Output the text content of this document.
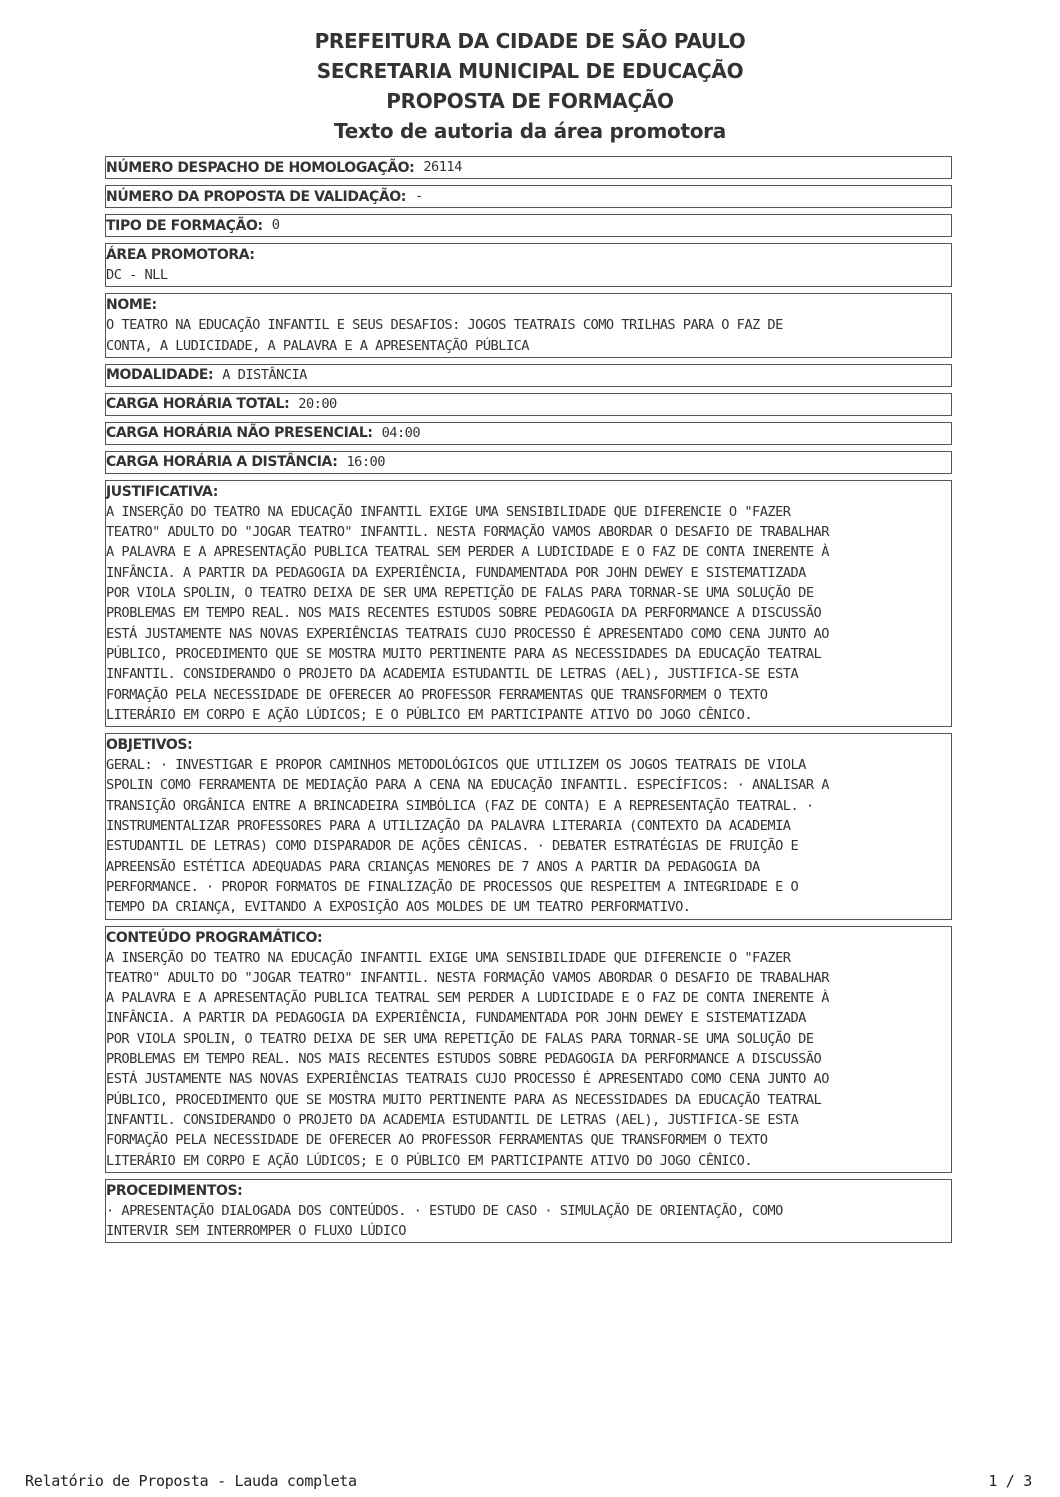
PREFEITURA DA CIDADE DE SÃO PAULO
SECRETARIA MUNICIPAL DE EDUCAÇÃO
PROPOSTA DE FORMAÇÃO
Texto de autoria da área promotora
NÚMERO DESPACHO DE HOMOLOGAÇÃO: 26114
NÚMERO DA PROPOSTA DE VALIDAÇÃO: -
TIPO DE FORMAÇÃO: 0
ÁREA PROMOTORA:
DC - NLL
NOME:
O TEATRO NA EDUCAÇÃO INFANTIL E SEUS DESAFIOS: JOGOS TEATRAIS COMO TRILHAS PARA O FAZ DE
CONTA, A LUDICIDADE, A PALAVRA E A APRESENTAÇÃO PÚBLICA
MODALIDADE: A DISTÂNCIA
CARGA HORÁRIA TOTAL: 20:00
CARGA HORÁRIA NÃO PRESENCIAL: 04:00
CARGA HORÁRIA A DISTÂNCIA: 16:00
JUSTIFICATIVA:
A INSERÇÃO DO TEATRO NA EDUCAÇÃO INFANTIL EXIGE UMA SENSIBILIDADE QUE DIFERENCIE O "FAZER
TEATRO" ADULTO DO "JOGAR TEATRO" INFANTIL. NESTA FORMAÇÃO VAMOS ABORDAR O DESAFIO DE TRABALHAR
A PALAVRA E A APRESENTAÇÃO PUBLICA TEATRAL SEM PERDER A LUDICIDADE E O FAZ DE CONTA INERENTE À
INFÂNCIA. A PARTIR DA PEDAGOGIA DA EXPERIÊNCIA, FUNDAMENTADA POR JOHN DEWEY E SISTEMATIZADA
POR VIOLA SPOLIN, O TEATRO DEIXA DE SER UMA REPETIÇÃO DE FALAS PARA TORNAR-SE UMA SOLUÇÃO DE
PROBLEMAS EM TEMPO REAL. NOS MAIS RECENTES ESTUDOS SOBRE PEDAGOGIA DA PERFORMANCE A DISCUSSÃO
ESTÁ JUSTAMENTE NAS NOVAS EXPERIÊNCIAS TEATRAIS CUJO PROCESSO É APRESENTADO COMO CENA JUNTO AO
PÚBLICO, PROCEDIMENTO QUE SE MOSTRA MUITO PERTINENTE PARA AS NECESSIDADES DA EDUCAÇÃO TEATRAL
INFANTIL. CONSIDERANDO O PROJETO DA ACADEMIA ESTUDANTIL DE LETRAS (AEL), JUSTIFICA-SE ESTA
FORMAÇÃO PELA NECESSIDADE DE OFERECER AO PROFESSOR FERRAMENTAS QUE TRANSFORMEM O TEXTO
LITERÁRIO EM CORPO E AÇÃO LÚDICOS; E O PÚBLICO EM PARTICIPANTE ATIVO DO JOGO CÊNICO.
OBJETIVOS:
GERAL: · INVESTIGAR E PROPOR CAMINHOS METODOLÓGICOS QUE UTILIZEM OS JOGOS TEATRAIS DE VIOLA
SPOLIN COMO FERRAMENTA DE MEDIAÇÃO PARA A CENA NA EDUCAÇÃO INFANTIL. ESPECÍFICOS: · ANALISAR A
TRANSIÇÃO ORGÂNICA ENTRE A BRINCADEIRA SIMBÓLICA (FAZ DE CONTA) E A REPRESENTAÇÃO TEATRAL. ·
INSTRUMENTALIZAR PROFESSORES PARA A UTILIZAÇÃO DA PALAVRA LITERARIA (CONTEXTO DA ACADEMIA
ESTUDANTIL DE LETRAS) COMO DISPARADOR DE AÇÕES CÊNICAS. · DEBATER ESTRATÉGIAS DE FRUIÇÃO E
APREENSÃO ESTÉTICA ADEQUADAS PARA CRIANÇAS MENORES DE 7 ANOS A PARTIR DA PEDAGOGIA DA
PERFORMANCE. · PROPOR FORMATOS DE FINALIZAÇÃO DE PROCESSOS QUE RESPEITEM A INTEGRIDADE E O
TEMPO DA CRIANÇA, EVITANDO A EXPOSIÇÃO AOS MOLDES DE UM TEATRO PERFORMATIVO.
CONTEÚDO PROGRAMÁTICO:
A INSERÇÃO DO TEATRO NA EDUCAÇÃO INFANTIL EXIGE UMA SENSIBILIDADE QUE DIFERENCIE O "FAZER
TEATRO" ADULTO DO "JOGAR TEATRO" INFANTIL. NESTA FORMAÇÃO VAMOS ABORDAR O DESAFIO DE TRABALHAR
A PALAVRA E A APRESENTAÇÃO PUBLICA TEATRAL SEM PERDER A LUDICIDADE E O FAZ DE CONTA INERENTE À
INFÂNCIA. A PARTIR DA PEDAGOGIA DA EXPERIÊNCIA, FUNDAMENTADA POR JOHN DEWEY E SISTEMATIZADA
POR VIOLA SPOLIN, O TEATRO DEIXA DE SER UMA REPETIÇÃO DE FALAS PARA TORNAR-SE UMA SOLUÇÃO DE
PROBLEMAS EM TEMPO REAL. NOS MAIS RECENTES ESTUDOS SOBRE PEDAGOGIA DA PERFORMANCE A DISCUSSÃO
ESTÁ JUSTAMENTE NAS NOVAS EXPERIÊNCIAS TEATRAIS CUJO PROCESSO É APRESENTADO COMO CENA JUNTO AO
PÚBLICO, PROCEDIMENTO QUE SE MOSTRA MUITO PERTINENTE PARA AS NECESSIDADES DA EDUCAÇÃO TEATRAL
INFANTIL. CONSIDERANDO O PROJETO DA ACADEMIA ESTUDANTIL DE LETRAS (AEL), JUSTIFICA-SE ESTA
FORMAÇÃO PELA NECESSIDADE DE OFERECER AO PROFESSOR FERRAMENTAS QUE TRANSFORMEM O TEXTO
LITERÁRIO EM CORPO E AÇÃO LÚDICOS; E O PÚBLICO EM PARTICIPANTE ATIVO DO JOGO CÊNICO.
PROCEDIMENTOS:
· APRESENTAÇÃO DIALOGADA DOS CONTEÚDOS. · ESTUDO DE CASO · SIMULAÇÃO DE ORIENTAÇÃO, COMO
INTERVIR SEM INTERROMPER O FLUXO LÚDICO
Relatório de Proposta - Lauda completa	1 / 3
